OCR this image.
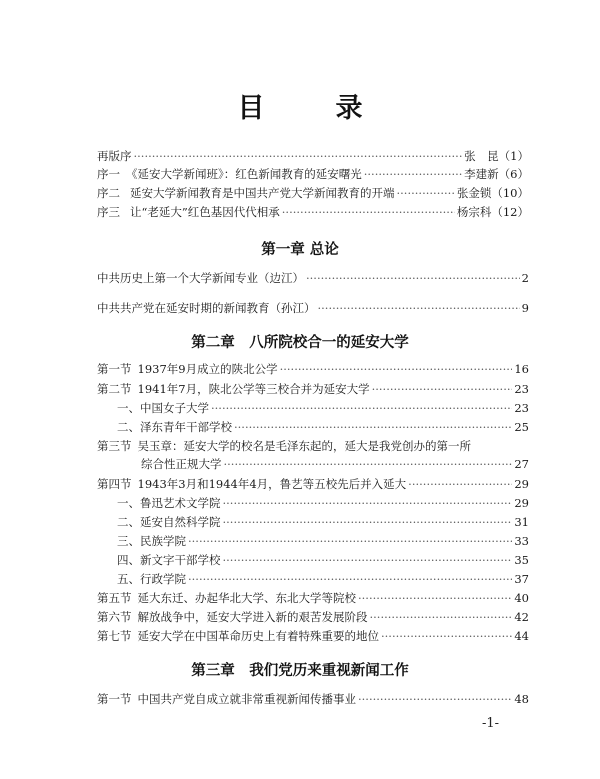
目　录
再版序 ·····	张　昆 （1）
序一 《延安大学新闻班》：红色新闻教育的延安曙光 ·····	李建新 （6）
序二 延安大学新闻教育是中国共产党大学新闻教育的开端 ·····	张金锁 （10）
序三 让“老延大”红色基因代代相承 ·····	杨宗科 （12）
第一章 总论
中共历史上第一个大学新闻专业（边江） ·····	2
中共共产党在延安时期的新闻教育（孙江） ·····	9
第二章　八所院校合一的延安大学
第一节 1937年9月成立的陕北公学 ·····	16
第二节 1941年7月，陕北公学等三校合并为延安大学 ·····	23
一、中国女子大学 ·····	23
二、泽东青年干部学校 ·····	25
第三节 吴玉章：延安大学的校名是毛泽东起的，延大是我党创办的第一所
综合性正规大学 ·····	27
第四节 1943年3月和1944年4月，鲁艺等五校先后并入延大 ·····	29
一、鲁迅艺术文学院 ·····	29
二、延安自然科学院 ·····	31
三、民族学院 ·····	33
四、新文字干部学校 ·····	35
五、行政学院 ·····	37
第五节 延大东迁、办起华北大学、东北大学等院校 ·····	40
第六节 解放战争中，延安大学进入新的艰苦发展阶段 ·····	42
第七节 延安大学在中国革命历史上有着特殊重要的地位 ·····	44
第三章　我们党历来重视新闻工作
第一节 中国共产党自成立就非常重视新闻传播事业 ·····	48
-1-
